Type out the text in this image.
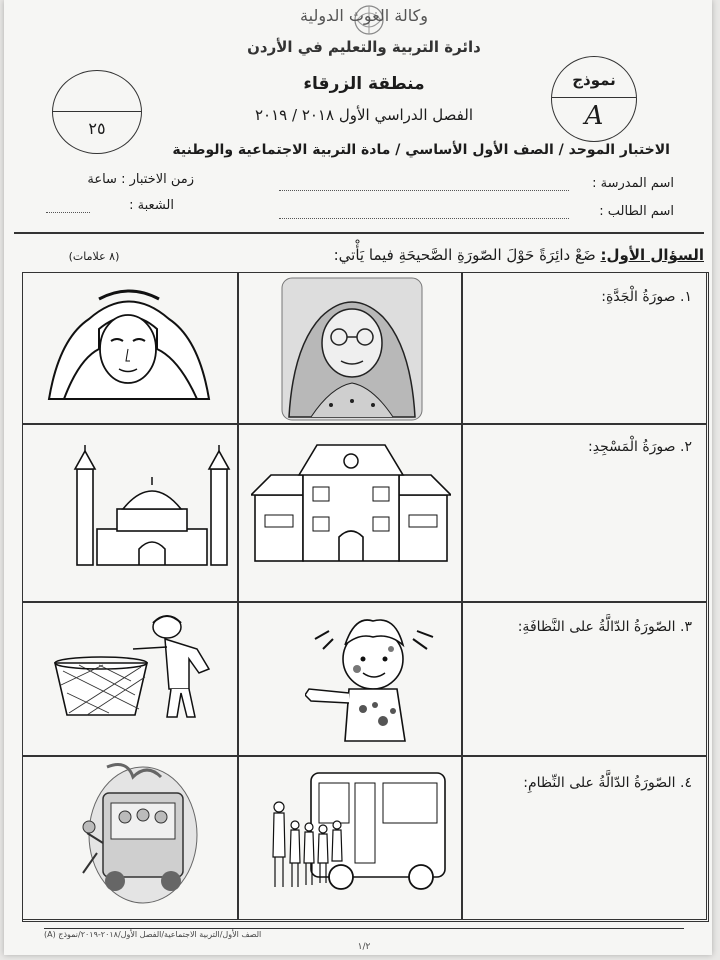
وكالة الغوث الدولية
دائرة التربية والتعليم في الأردن
منطقة الزرقاء
الفصل الدراسي الأول ٢٠١٨ / ٢٠١٩
الاختبار الموحد / الصف الأول الأساسي / مادة التربية الاجتماعية والوطنية
٢٥
نموذج
A
اسم المدرسة :
زمن الاختبار : ساعة
اسم الطالب :
الشعبة :
السؤال الأول: ضَعْ دائِرَةً حَوْلَ الصّورَةِ الصَّحيحَةِ فيما يَأْتي:
(٨ علامات)
١. صورَةُ الْجَدَّةِ:
٢. صورَةُ الْمَسْجِدِ:
٣. الصّورَةُ الدّالَّةُ على النَّظافَةِ:
٤. الصّورَةُ الدّالَّةُ على النِّظامِ:
الصف الأول/التربية الاجتماعية/الفصل الأول/٢٠١٨-٢٠١٩/نموذج (A)
١/٢
